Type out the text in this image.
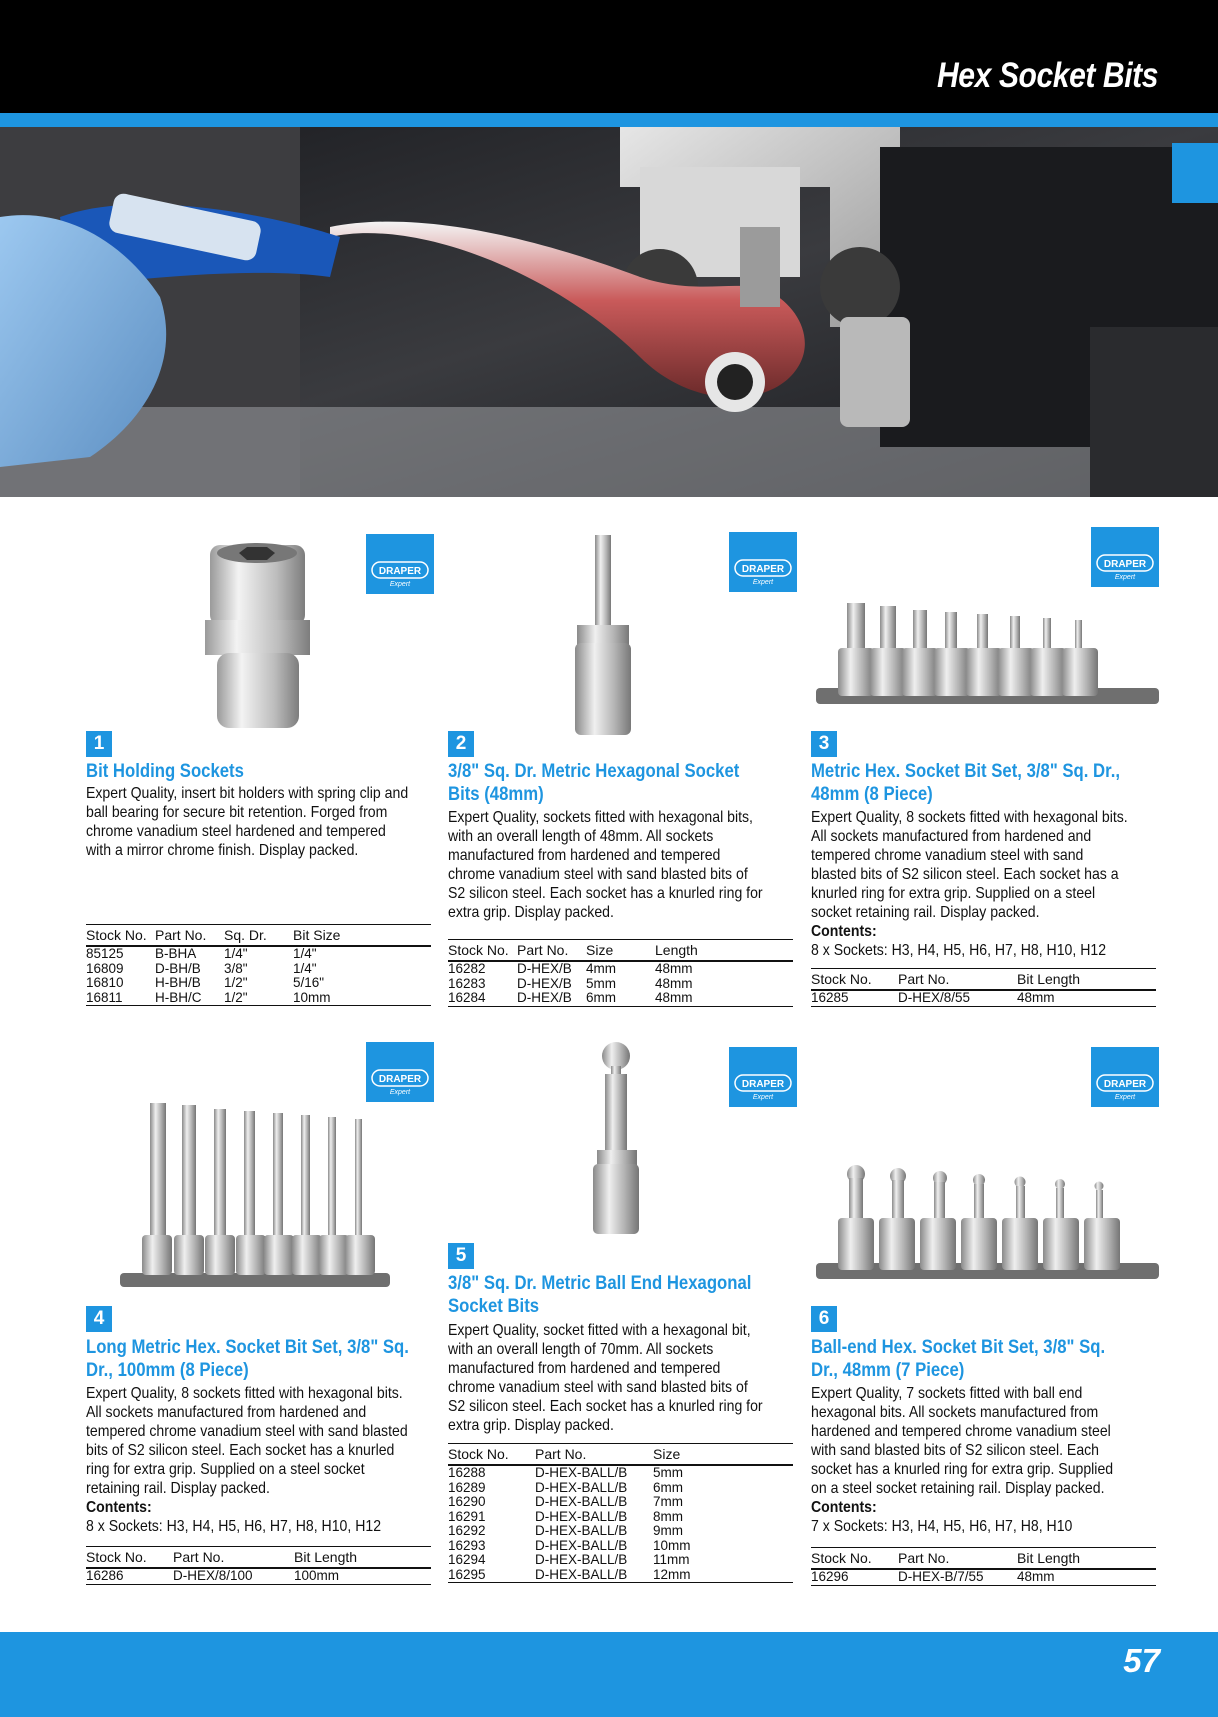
Hex Socket Bits
DRAPER
Expert
1
Bit Holding Sockets
Expert Quality, insert bit holders with spring clip and ball bearing for secure bit retention. Forged from chrome vanadium steel hardened and tempered with a mirror chrome finish. Display packed.
Stock No.	Part No.	Sq. Dr.	Bit Size
85125	B-BHA	1/4"	1/4"
16809	D-BH/B	3/8"	1/4"
16810	H-BH/B	1/2"	5/16"
16811	H-BH/C	1/2"	10mm
DRAPER
Expert
2
3/8" Sq. Dr. Metric Hexagonal Socket Bits (48mm)
Expert Quality, sockets fitted with hexagonal bits, with an overall length of 48mm. All sockets manufactured from hardened and tempered chrome vanadium steel with sand blasted bits of S2 silicon steel. Each socket has a knurled ring for extra grip. Display packed.
Stock No.	Part No.	Size	Length
16282	D-HEX/B	4mm	48mm
16283	D-HEX/B	5mm	48mm
16284	D-HEX/B	6mm	48mm
DRAPER
Expert
3
Metric Hex. Socket Bit Set, 3/8" Sq. Dr., 48mm (8 Piece)
Expert Quality, 8 sockets fitted with hexagonal bits. All sockets manufactured from hardened and tempered chrome vanadium steel with sand blasted bits of S2 silicon steel. Each socket has a knurled ring for extra grip. Supplied on a steel socket retaining rail. Display packed.
Contents:
8 x Sockets: H3, H4, H5, H6, H7, H8, H10, H12
Stock No.	Part No.	Bit Length
16285	D-HEX/8/55	48mm
DRAPER
Expert
4
Long Metric Hex. Socket Bit Set, 3/8" Sq. Dr., 100mm (8 Piece)
Expert Quality, 8 sockets fitted with hexagonal bits. All sockets manufactured from hardened and tempered chrome vanadium steel with sand blasted bits of S2 silicon steel. Each socket has a knurled ring for extra grip. Supplied on a steel socket retaining rail. Display packed.
Contents:
8 x Sockets: H3, H4, H5, H6, H7, H8, H10, H12
Stock No.	Part No.	Bit Length
16286	D-HEX/8/100	100mm
DRAPER
Expert
5
3/8" Sq. Dr. Metric Ball End Hexagonal Socket Bits
Expert Quality, socket fitted with a hexagonal bit, with an overall length of 70mm. All sockets manufactured from hardened and tempered chrome vanadium steel with sand blasted bits of S2 silicon steel. Each socket has a knurled ring for extra grip. Display packed.
Stock No.	Part No.	Size
16288	D-HEX-BALL/B	5mm
16289	D-HEX-BALL/B	6mm
16290	D-HEX-BALL/B	7mm
16291	D-HEX-BALL/B	8mm
16292	D-HEX-BALL/B	9mm
16293	D-HEX-BALL/B	10mm
16294	D-HEX-BALL/B	11mm
16295	D-HEX-BALL/B	12mm
DRAPER
Expert
6
Ball-end Hex. Socket Bit Set, 3/8" Sq. Dr., 48mm (7 Piece)
Expert Quality, 7 sockets fitted with ball end hexagonal bits. All sockets manufactured from hardened and tempered chrome vanadium steel with sand blasted bits of S2 silicon steel. Each socket has a knurled ring for extra grip. Supplied on a steel socket retaining rail. Display packed.
Contents:
7 x Sockets: H3, H4, H5, H6, H7, H8, H10
Stock No.	Part No.	Bit Length
16296	D-HEX-B/7/55	48mm
57
